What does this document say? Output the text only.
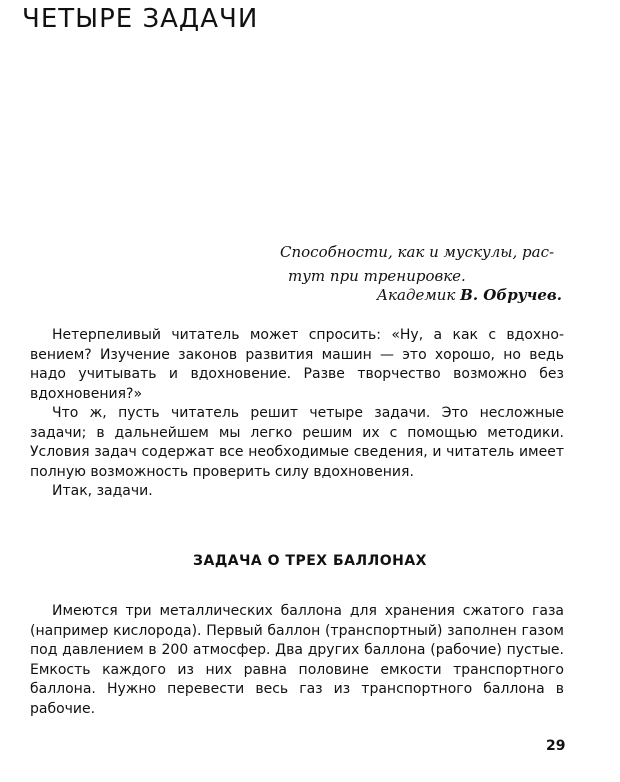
ЧЕТЫРЕ ЗАДАЧИ
Способности, как и мускулы, рас-
тут при тренировке.
Академик В. Обручев.

Нетерпеливый читатель может спросить: «Ну, а как с вдохновением? Изучение законов развития машин — это хорошо, но ведь надо учитывать и вдохновение. Разве творчество возможно без вдохновения?»

Что ж, пусть читатель решит четыре задачи. Это несложные задачи; в дальнейшем мы легко решим их с помощью методики. Условия задач содержат все необходимые сведения, и читатель имеет полную возможность проверить силу вдохновения.

Итак, задачи.

ЗАДАЧА О ТРЕХ БАЛЛОНАХ

Имеются три металлических баллона для хранения сжатого газа (например кислорода). Первый баллон (транспортный) заполнен газом под давлением в 200 атмосфер. Два других баллона (рабочие) пустые. Емкость каждого из них равна половине емкости транспортного баллона. Нужно перевести весь газ из транспортного баллона в рабочие.

29
